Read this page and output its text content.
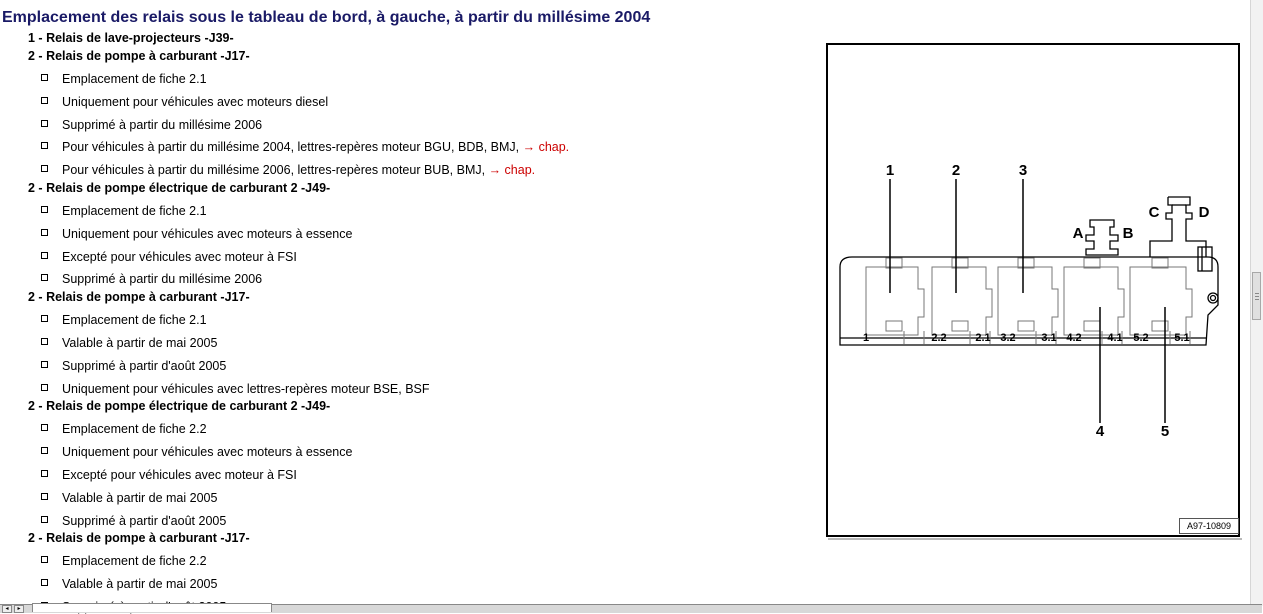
Emplacement des relais sous le tableau de bord, à gauche, à partir du millésime 2004
1 - Relais de lave-projecteurs -J39-
2 - Relais de pompe à carburant -J17-
Emplacement de fiche 2.1
Uniquement pour véhicules avec moteurs diesel
Supprimé à partir du millésime 2006
Pour véhicules à partir du millésime 2004, lettres-repères moteur BGU, BDB, BMJ, → chap.
Pour véhicules à partir du millésime 2006, lettres-repères moteur BUB, BMJ, → chap.
2 - Relais de pompe électrique de carburant 2 -J49-
Emplacement de fiche 2.1
Uniquement pour véhicules avec moteurs à essence
Excepté pour véhicules avec moteur à FSI
Supprimé à partir du millésime 2006
2 - Relais de pompe à carburant -J17-
Emplacement de fiche 2.1
Valable à partir de mai 2005
Supprimé à partir d'août 2005
Uniquement pour véhicules avec lettres-repères moteur BSE, BSF
2 - Relais de pompe électrique de carburant 2 -J49-
Emplacement de fiche 2.2
Uniquement pour véhicules avec moteurs à essence
Excepté pour véhicules avec moteur à FSI
Valable à partir de mai 2005
Supprimé à partir d'août 2005
2 - Relais de pompe à carburant -J17-
Emplacement de fiche 2.2
Valable à partir de mai 2005
1	2	3
4	5
A	B
C	D
1	2.2	2.1 3.2 3.1 4.2 4.1 5.2 5.1
A97-10809
◂	▸
